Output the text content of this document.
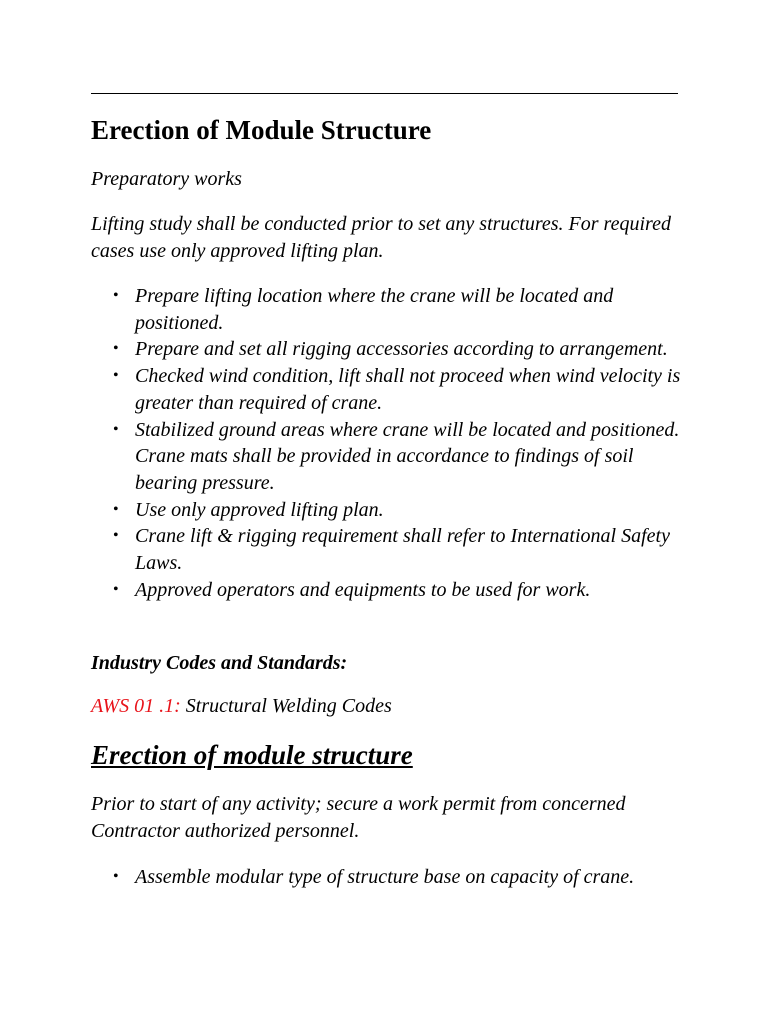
Erection of Module Structure

Preparatory works

Lifting study shall be conducted prior to set any structures. For required cases use only approved lifting plan.

• Prepare lifting location where the crane will be located and positioned.
• Prepare and set all rigging accessories according to arrangement.
• Checked wind condition, lift shall not proceed when wind velocity is greater than required of crane.
• Stabilized ground areas where crane will be located and positioned. Crane mats shall be provided in accordance to findings of soil bearing pressure.
• Use only approved lifting plan.
• Crane lift & rigging requirement shall refer to International Safety Laws.
• Approved operators and equipments to be used for work.
Industry Codes and Standards:
AWS 01 .1: Structural Welding Codes
Erection of module structure

Prior to start of any activity; secure a work permit from concerned Contractor authorized personnel.

• Assemble modular type of structure base on capacity of crane.
